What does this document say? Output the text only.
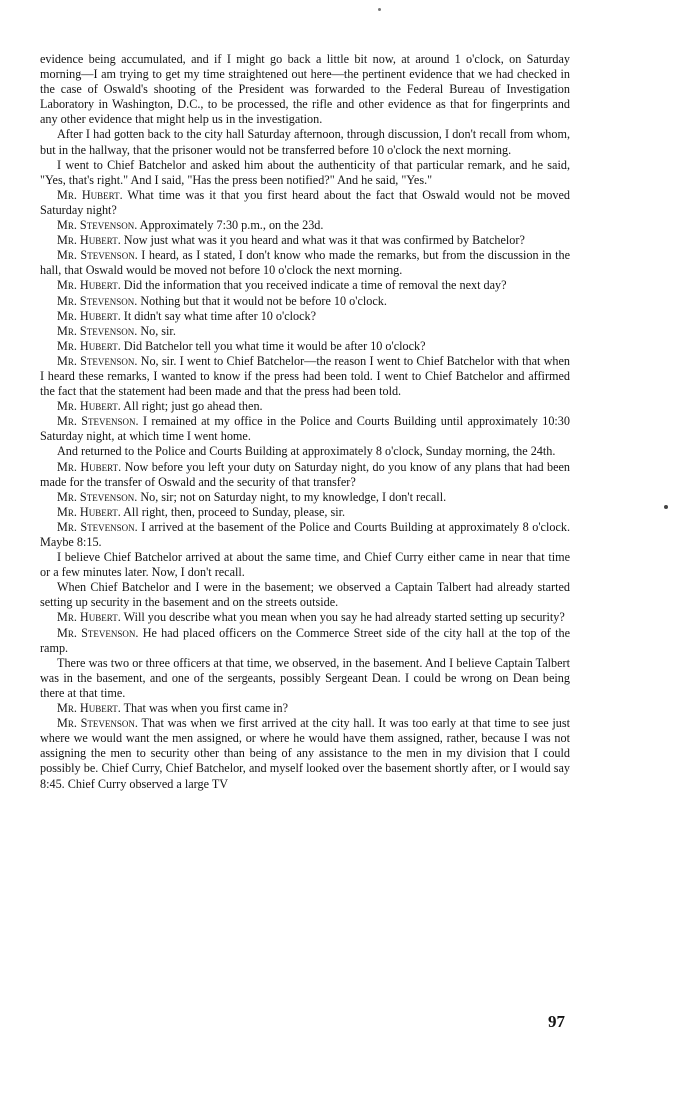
evidence being accumulated, and if I might go back a little bit now, at around 1 o'clock, on Saturday morning—I am trying to get my time straightened out here—the pertinent evidence that we had checked in the case of Oswald's shooting of the President was forwarded to the Federal Bureau of Investigation Laboratory in Washington, D.C., to be processed, the rifle and other evidence as that for fingerprints and any other evidence that might help us in the investigation.

After I had gotten back to the city hall Saturday afternoon, through discussion, I don't recall from whom, but in the hallway, that the prisoner would not be transferred before 10 o'clock the next morning.

I went to Chief Batchelor and asked him about the authenticity of that particular remark, and he said, "Yes, that's right." And I said, "Has the press been notified?" And he said, "Yes."

Mr. Hubert. What time was it that you first heard about the fact that Oswald would not be moved Saturday night?

Mr. Stevenson. Approximately 7:30 p.m., on the 23d.

Mr. Hubert. Now just what was it you heard and what was it that was confirmed by Batchelor?

Mr. Stevenson. I heard, as I stated, I don't know who made the remarks, but from the discussion in the hall, that Oswald would be moved not before 10 o'clock the next morning.

Mr. Hubert. Did the information that you received indicate a time of removal the next day?

Mr. Stevenson. Nothing but that it would not be before 10 o'clock.

Mr. Hubert. It didn't say what time after 10 o'clock?

Mr. Stevenson. No, sir.

Mr. Hubert. Did Batchelor tell you what time it would be after 10 o'clock?

Mr. Stevenson. No, sir. I went to Chief Batchelor—the reason I went to Chief Batchelor with that when I heard these remarks, I wanted to know if the press had been told. I went to Chief Batchelor and affirmed the fact that the statement had been made and that the press had been told.

Mr. Hubert. All right; just go ahead then.

Mr. Stevenson. I remained at my office in the Police and Courts Building until approximately 10:30 Saturday night, at which time I went home.

And returned to the Police and Courts Building at approximately 8 o'clock, Sunday morning, the 24th.

Mr. Hubert. Now before you left your duty on Saturday night, do you know of any plans that had been made for the transfer of Oswald and the security of that transfer?

Mr. Stevenson. No, sir; not on Saturday night, to my knowledge, I don't recall.

Mr. Hubert. All right, then, proceed to Sunday, please, sir.

Mr. Stevenson. I arrived at the basement of the Police and Courts Building at approximately 8 o'clock. Maybe 8:15.

I believe Chief Batchelor arrived at about the same time, and Chief Curry either came in near that time or a few minutes later. Now, I don't recall.

When Chief Batchelor and I were in the basement; we observed a Captain Talbert had already started setting up security in the basement and on the streets outside.

Mr. Hubert. Will you describe what you mean when you say he had already started setting up security?

Mr. Stevenson. He had placed officers on the Commerce Street side of the city hall at the top of the ramp.

There was two or three officers at that time, we observed, in the basement. And I believe Captain Talbert was in the basement, and one of the sergeants, possibly Sergeant Dean. I could be wrong on Dean being there at that time.

Mr. Hubert. That was when you first came in?

Mr. Stevenson. That was when we first arrived at the city hall. It was too early at that time to see just where we would want the men assigned, or where he would have them assigned, rather, because I was not assigning the men to security other than being of any assistance to the men in my division that I could possibly be. Chief Curry, Chief Batchelor, and myself looked over the basement shortly after, or I would say 8:45. Chief Curry observed a large TV

97
